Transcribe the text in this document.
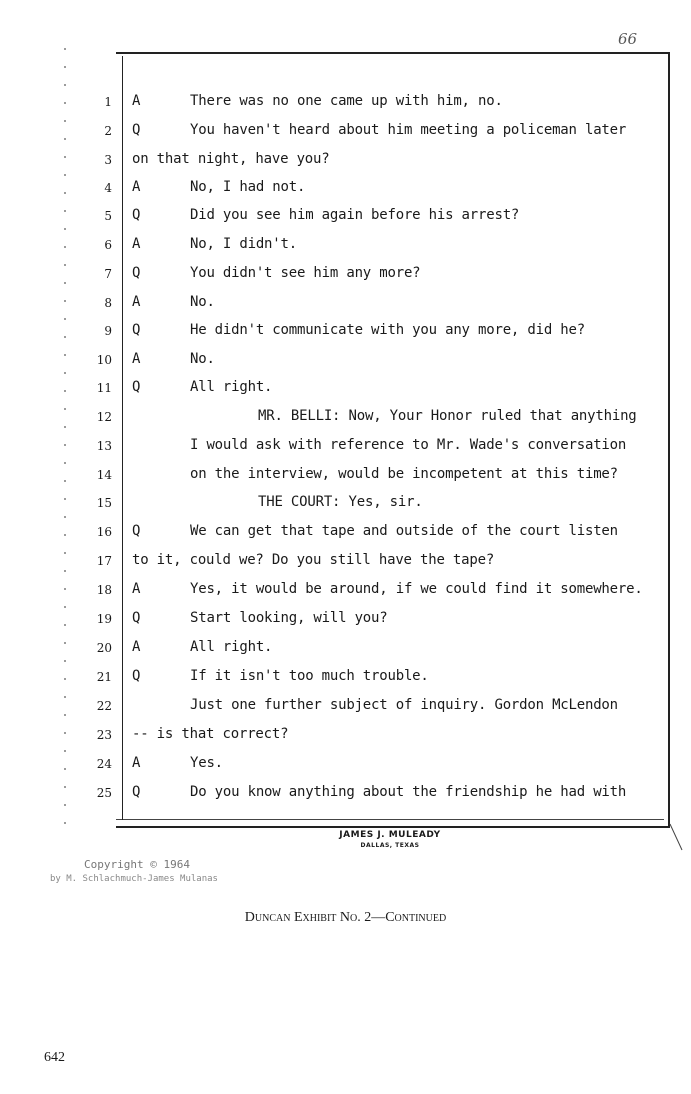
66
1 A	There was no one came up with him, no.
2 Q	You haven't heard about him meeting a policeman later
3 on that night, have you?
4 A	No, I had not.
5 Q	Did you see him again before his arrest?
6 A	No, I didn't.
7 Q	You didn't see him any more?
8 A	No.
9 Q	He didn't communicate with you any more, did he?
10 A	No.
11 Q	All right.
12	MR. BELLI: Now, Your Honor ruled that anything
13	I would ask with reference to Mr. Wade's conversation
14	on the interview, would be incompetent at this time?
15	THE COURT: Yes, sir.
16 Q	We can get that tape and outside of the court listen
17 to it, could we? Do you still have the tape?
18 A	Yes, it would be around, if we could find it somewhere.
19 Q	Start looking, will you?
20 A	All right.
21 Q	If it isn't too much trouble.
22	Just one further subject of inquiry. Gordon McLendon
23 -- is that correct?
24 A	Yes.
25 Q	Do you know anything about the friendship he had with
JAMES J. MULEADY
DALLAS, TEXAS
Copyright © 1964
by M. Schlachmuch-James Mulanas
Duncan Exhibit No. 2—Continued
642
